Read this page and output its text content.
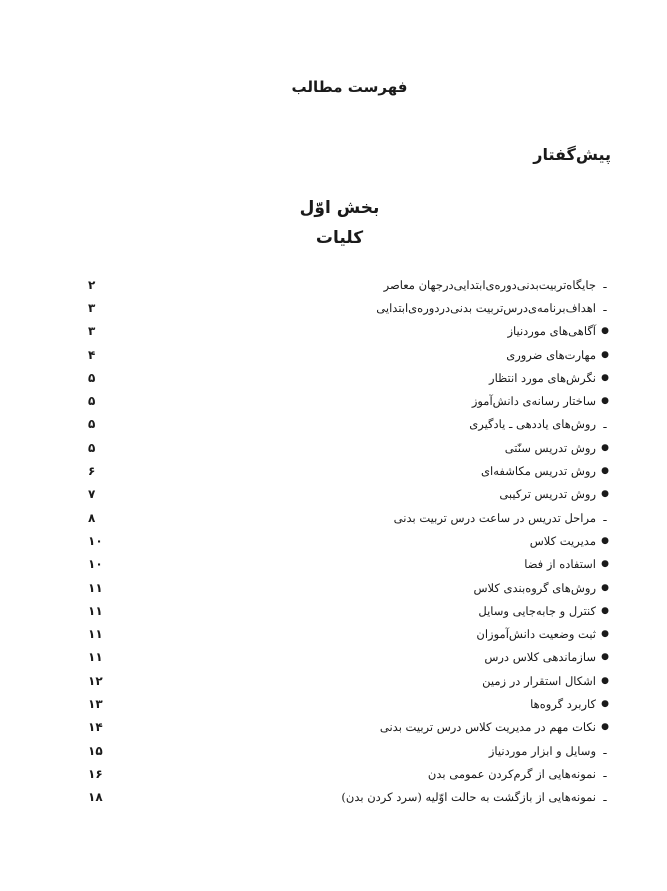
فهرست مطالب
پیش‌گفتار
بخش اوّل
کلیات
ـ
جایگاه‌تربیت‌بدنی‌دوره‌ی‌ابتدایی‌در‌جهان معاصر
۲
ـ
اهداف‌برنامه‌ی‌درس‌تربیت بدنی‌در‌دوره‌ی‌ابتدایی
۳
●
آگاهی‌های موردنیاز
۳
●
مهارت‌های ضروری
۴
●
نگرش‌های مورد انتظار
۵
●
ساختار رسانه‌ی دانش‌آموز
۵
ـ
روش‌های یاددهی ـ یادگیری
۵
●
روش تدریس سنّتی
۵
●
روش تدریس مکاشفه‌ای
۶
●
روش تدریس ترکیبی
۷
ـ
مراحل تدریس در ساعت درس تربیت بدنی
۸
●
مدیریت کلاس
۱۰
●
استفاده از فضا
۱۰
●
روش‌های گروه‌بندی کلاس
۱۱
●
کنترل و جابه‌جایی وسایل
۱۱
●
ثبت وضعیت دانش‌آموزان
۱۱
●
سازماندهی کلاس درس
۱۱
●
اشکال استقرار در زمین
۱۲
●
کاربرد گروه‌ها
۱۳
●
نکات مهم در مدیریت کلاس درس تربیت بدنی
۱۴
ـ
وسایل و ابزار موردنیاز
۱۵
ـ
نمونه‌هایی از گرم‌کردن عمومی بدن
۱۶
ـ
نمونه‌هایی از بازگشت به حالت اوّلیه (سرد کردن بدن)
۱۸
